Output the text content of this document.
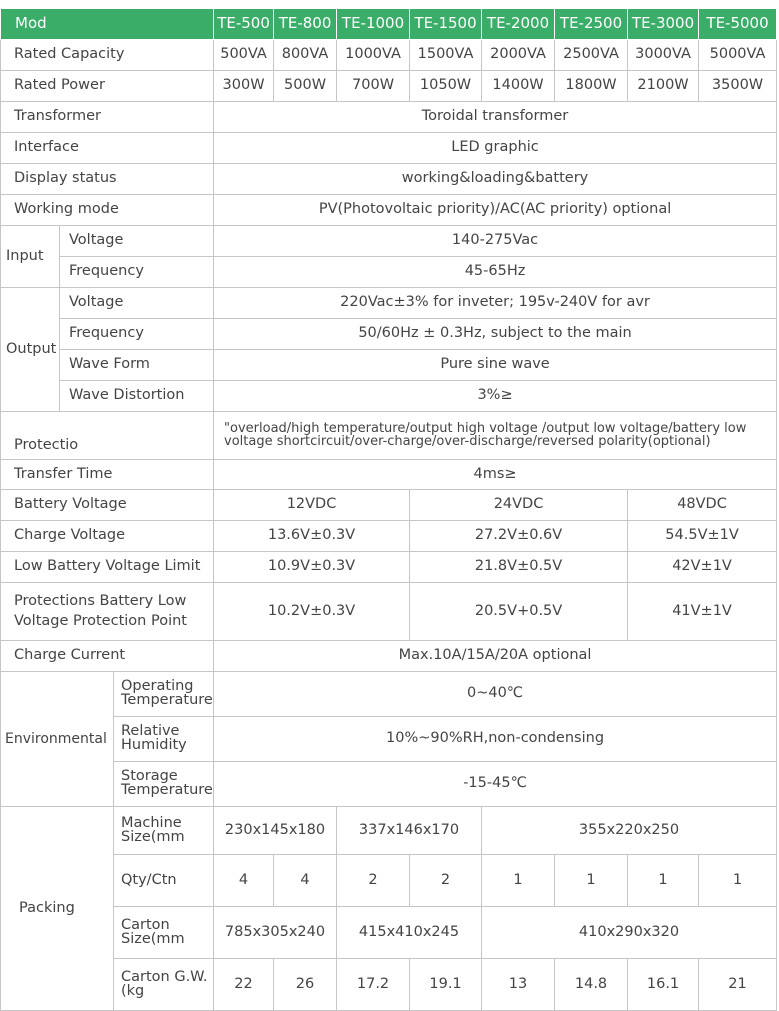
Mod			TE-500	TE-800	TE-1000	TE-1500	TE-2000	TE-2500	TE-3000	TE-5000
Rated Capacity			500VA	800VA	1000VA	1500VA	2000VA	2500VA	3000VA	5000VA
Rated Power			300W	500W	700W	1050W	1400W	1800W	2100W	3500W
Transformer			Toroidal transformer							
Interface			LED graphic							
Display status			working&loading&battery							
Working mode			PV(Photovoltaic priority)/AC(AC priority) optional							
Input	Voltage		140-275Vac							
	Frequency		45-65Hz							
Output	Voltage		220Vac±3% for inveter; 195v-240V for avr							
	Frequency		50/60Hz ± 0.3Hz, subject to the main							
	Wave Form		Pure sine wave							
	Wave Distortion		3%≥							
Protectio			"overload/high temperature/output high voltage /output low voltage/battery low voltage shortcircuit/over-charge/over-discharge/reversed polarity(optional)							
Transfer Time			4ms≥							
Battery Voltage			12VDC			24VDC			48VDC	
Charge Voltage			13.6V±0.3V			27.2V±0.6V			54.5V±1V	
Low Battery Voltage Limit			10.9V±0.3V			21.8V±0.5V			42V±1V	
Protections Battery Low Voltage Protection Point			10.2V±0.3V			20.5V+0.5V			41V±1V	
Charge Current			Max.10A/15A/20A optional							
Environmental		Operating Temperature	0~40℃							
		Relative Humidity	10%~90%RH,non-condensing							
		Storage Temperature	-15-45℃							
Packing		Machine Size(mm	230x145x180		337x146x170		355x220x250			
		Qty/Ctn	4	4	2	2	1	1	1	1
		Carton Size(mm	785x305x240		415x410x245		410x290x320			
		Carton G.W.(kg	22	26	17.2	19.1	13	14.8	16.1	21
